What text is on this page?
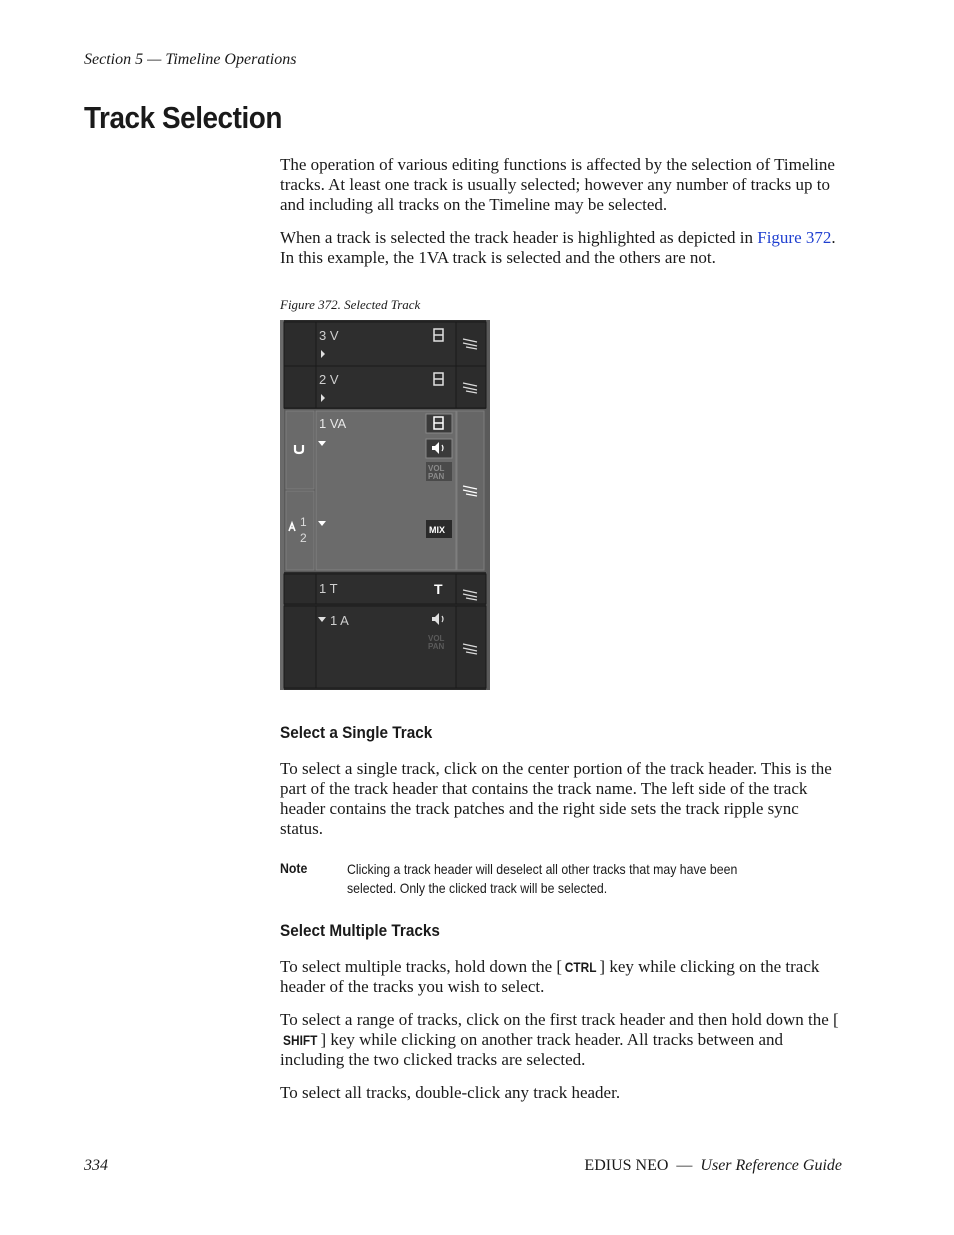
Section 5 — Timeline Operations
Track Selection

The operation of various editing functions is affected by the selection of Timeline tracks. At least one track is usually selected; however any number of tracks up to and including all tracks on the Timeline may be selected.

When a track is selected the track header is highlighted as depicted in Figure 372. In this example, the 1VA track is selected and the others are not.

Figure 372. Selected Track
3 V
2 V
1
2
1 VA
VOL
PAN
MIX
1 T	T
1 A
VOL
PAN
Select a Single Track

To select a single track, click on the center portion of the track header. This is the part of the track header that contains the track name. The left side of the track header contains the track patches and the right side sets the track ripple sync status.

Note	Clicking a track header will deselect all other tracks that may have been selected. Only the clicked track will be selected.
Select Multiple Tracks

To select multiple tracks, hold down the [ CTRL ] key while clicking on the track header of the tracks you wish to select.

To select a range of tracks, click on the first track header and then hold down the [SHIFT ] key while clicking on another track header. All tracks between and including the two clicked tracks are selected.

To select all tracks, double-click any track header.

334	EDIUS NEO — User Reference Guide
